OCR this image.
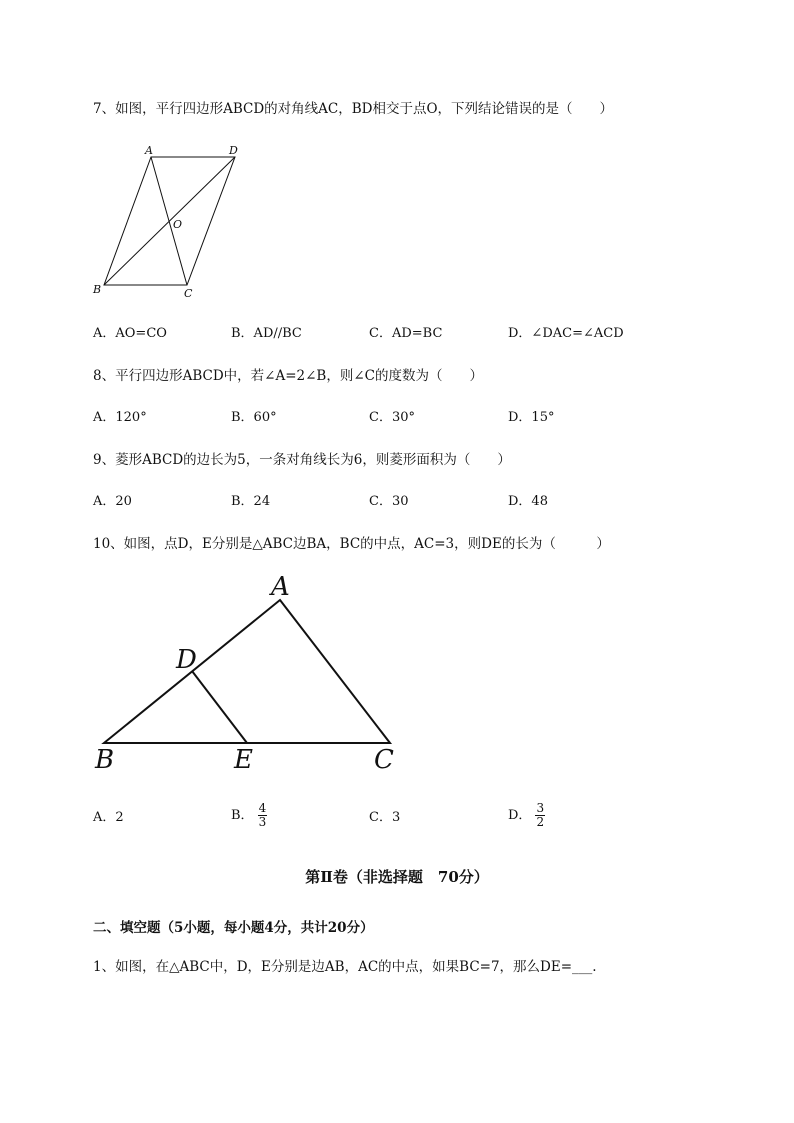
7、如图，平行四边形ABCD的对角线AC，BD相交于点O，下列结论错误的是（　　）
A	D
O
B	C
A．AO=CO	B．AD//BC	C．AD=BC	D．∠DAC=∠ACD
8、平行四边形ABCD中，若∠A=2∠B，则∠C的度数为（　　）
A．120°	B．60°	C．30°	D．15°
9、菱形ABCD的边长为5，一条对角线长为6，则菱形面积为（　　）
A．20	B．24	C．30	D．48
10、如图，点D，E分别是△ABC边BA，BC的中点，AC=3，则DE的长为（　　　）
A
D
B	E	C
A．2	B． $\frac{4}{3}$	C．3	D． $\frac{3}{2}$
第Ⅱ卷（非选择题　70分）
二、填空题（5小题，每小题4分，共计20分）
1、如图，在△ABC中，D，E分别是边AB，AC的中点，如果BC=7，那么DE=___.
